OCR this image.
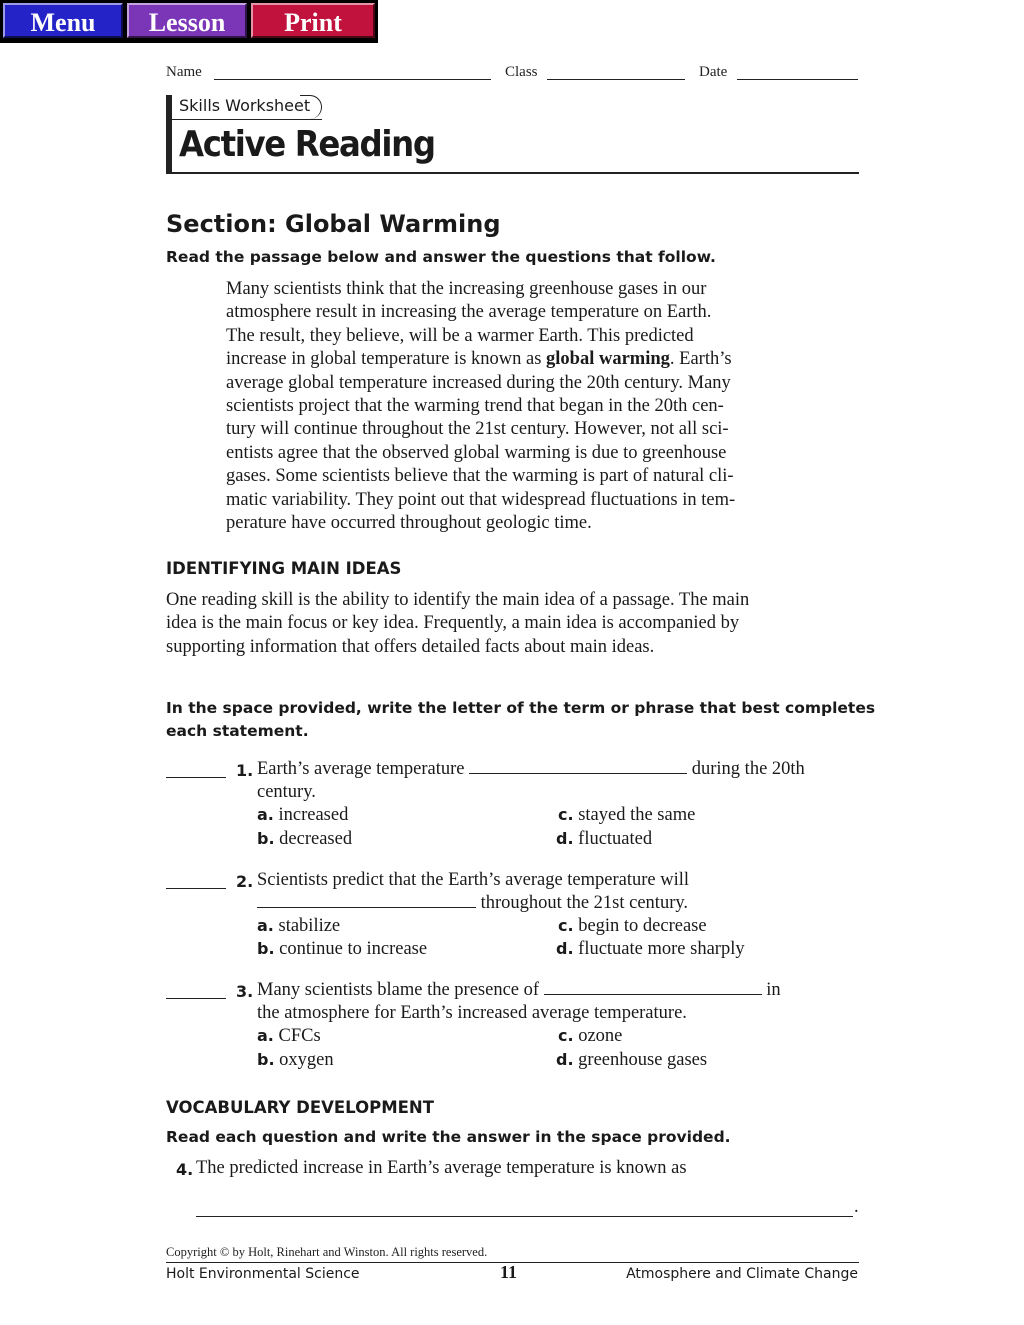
Menu	Lesson	Print
Name	Class	Date
Skills Worksheet
Active Reading
Section: Global Warming
Read the passage below and answer the questions that follow.
Many scientists think that the increasing greenhouse gases in our
atmosphere result in increasing the average temperature on Earth.
The result, they believe, will be a warmer Earth. This predicted
increase in global temperature is known as global warming. Earth’s
average global temperature increased during the 20th century. Many
scientists project that the warming trend that began in the 20th cen-
tury will continue throughout the 21st century. However, not all sci-
entists agree that the observed global warming is due to greenhouse
gases. Some scientists believe that the warming is part of natural cli-
matic variability. They point out that widespread fluctuations in tem-
perature have occurred throughout geologic time.
IDENTIFYING MAIN IDEAS
One reading skill is the ability to identify the main idea of a passage. The main
idea is the main focus or key idea. Frequently, a main idea is accompanied by
supporting information that offers detailed facts about main ideas.
In the space provided, write the letter of the term or phrase that best completes
each statement.
1. Earth’s average temperature	during the 20th
century.
a. increased
b. decreased
c. stayed the same
d. fluctuated
2. Scientists predict that the Earth’s average temperature will
throughout the 21st century.
a. stabilize
b. continue to increase
c. begin to decrease
d. fluctuate more sharply
3. Many scientists blame the presence of	in
the atmosphere for Earth’s increased average temperature.
a. CFCs
b. oxygen
c. ozone
d. greenhouse gases
VOCABULARY DEVELOPMENT
Read each question and write the answer in the space provided.
4. The predicted increase in Earth’s average temperature is known as
.
Copyright © by Holt, Rinehart and Winston. All rights reserved.
Holt Environmental Science	11	Atmosphere and Climate Change
